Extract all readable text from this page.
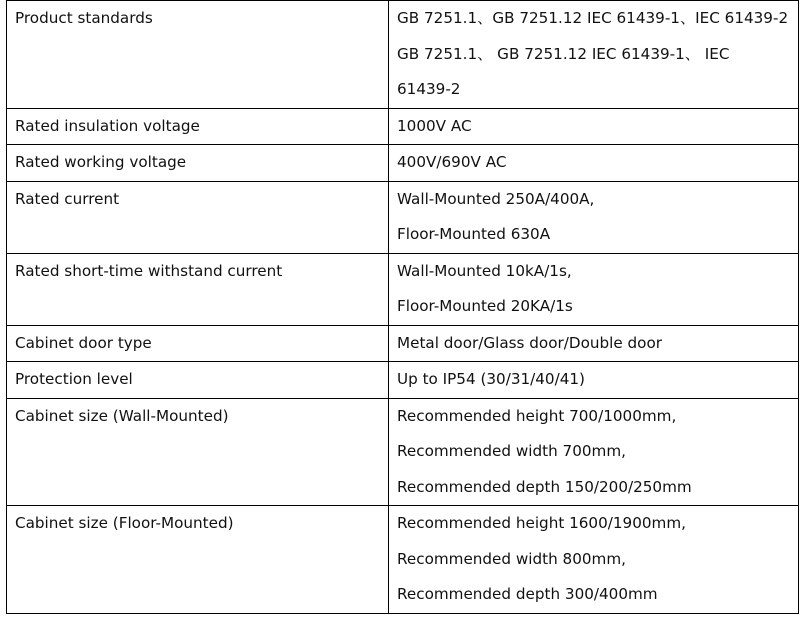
Product standards	GB 7251.1、GB 7251.12 IEC 61439-1、IEC 61439-2
GB 7251.1、 GB 7251.12 IEC 61439-1、 IEC
61439-2

Rated insulation voltage	1000V AC

Rated working voltage	400V/690V AC

Rated current	Wall-Mounted 250A/400A,
Floor-Mounted 630A

Rated short-time withstand current	Wall-Mounted 10kA/1s,
Floor-Mounted 20KA/1s

Cabinet door type	Metal door/Glass door/Double door

Protection level	Up to IP54 (30/31/40/41)

Cabinet size (Wall-Mounted)	Recommended height 700/1000mm,
Recommended width 700mm,
Recommended depth 150/200/250mm

Cabinet size (Floor-Mounted)	Recommended height 1600/1900mm,
Recommended width 800mm,
Recommended depth 300/400mm
